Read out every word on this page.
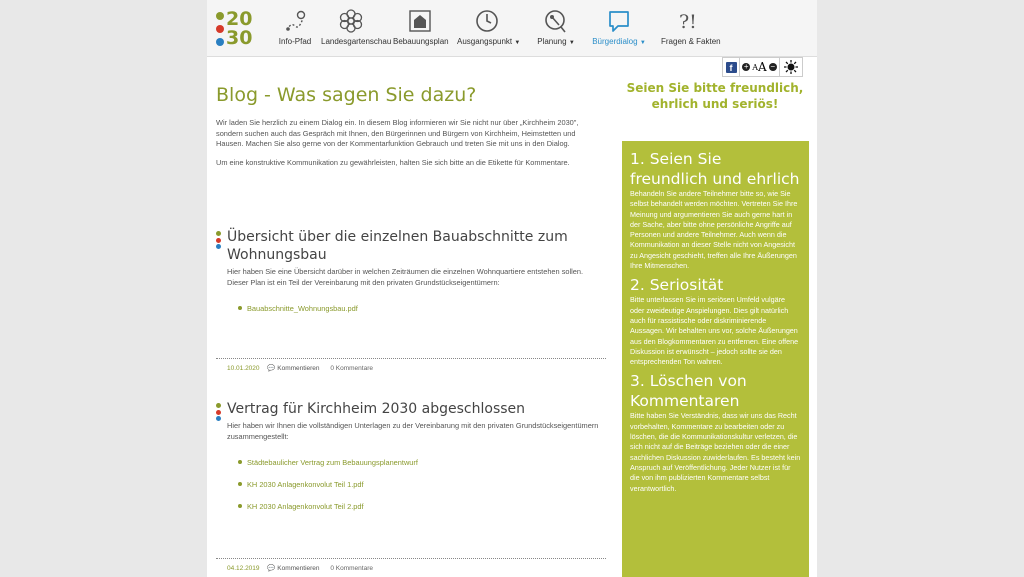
20
30	Info-Pfad	Landesgartenschau Bebauungsplan Ausgangspunkt ▼	Planung ▼	Bürgerdialog ▼
?!
Fragen & Fakten
f	+ A A −
Blog - Was sagen Sie dazu?

Wir laden Sie herzlich zu einem Dialog ein. In diesem Blog informieren wir Sie nicht nur über „Kirchheim 2030", sondern suchen auch das Gespräch mit Ihnen, den Bürgerinnen und Bürgern von Kirchheim, Heimstetten und Hausen. Machen Sie also gerne von der Kommentarfunktion Gebrauch und treten Sie mit uns in den Dialog.

Um eine konstruktive Kommunikation zu gewährleisten, halten Sie sich bitte an die Etikette für Kommentare.

Übersicht über die einzelnen Bauabschnitte zum Wohnungsbau

Hier haben Sie eine Übersicht darüber in welchen Zeiträumen die einzelnen Wohnquartiere entstehen sollen. Dieser Plan ist ein Teil der Vereinbarung mit den privaten Grundstückseigentümern:

Bauabschnitte_Wohnungsbau.pdf
10.01.2020 💬 Kommentieren 0 Kommentare
Vertrag für Kirchheim 2030 abgeschlossen

Hier haben wir Ihnen die vollständigen Unterlagen zu der Vereinbarung mit den privaten Grundstückseigentümern zusammengestellt:

Städtebaulicher Vertrag zum Bebauungsplanentwurf
KH 2030 Anlagenkonvolut Teil 1.pdf
KH 2030 Anlagenkonvolut Teil 2.pdf
04.12.2019 💬 Kommentieren 0 Kommentare
Seien Sie bitte freundlich, ehrlich und seriös!
1. Seien Sie freundlich und ehrlich

Behandeln Sie andere Teilnehmer bitte so, wie Sie selbst behandelt werden möchten. Vertreten Sie Ihre Meinung und argumentieren Sie auch gerne hart in der Sache, aber bitte ohne persönliche Angriffe auf Personen und andere Teilnehmer. Auch wenn die Kommunikation an dieser Stelle nicht von Angesicht zu Angesicht geschieht, treffen alle Ihre Äußerungen Ihre Mitmenschen.

2. Seriosität

Bitte unterlassen Sie im seriösen Umfeld vulgäre oder zweideutige Anspielungen. Dies gilt natürlich auch für rassistische oder diskriminierende Aussagen. Wir behalten uns vor, solche Äußerungen aus den Blogkommentaren zu entfernen. Eine offene Diskussion ist erwünscht – jedoch sollte sie den entsprechenden Ton wahren.

3. Löschen von Kommentaren

Bitte haben Sie Verständnis, dass wir uns das Recht vorbehalten, Kommentare zu bearbeiten oder zu löschen, die die Kommunikationskultur verletzen, die sich nicht auf die Beiträge beziehen oder die einer sachlichen Diskussion zuwiderlaufen. Es besteht kein Anspruch auf Veröffentlichung. Jeder Nutzer ist für die von ihm publizierten Kommentare selbst verantwortlich.
